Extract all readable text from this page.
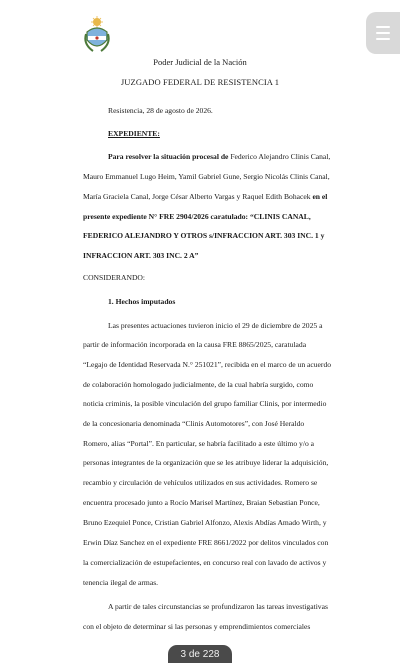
Poder Judicial de la Nación
JUZGADO FEDERAL DE RESISTENCIA 1
Resistencia, 28 de agosto de 2026.
EXPEDIENTE:
Para resolver la situación procesal de Federico Alejandro Clinis Canal,
Mauro Emmanuel Lugo Heim, Yamil Gabriel Gune, Sergio Nicolás Clinis Canal,
María Graciela Canal, Jorge César Alberto Vargas y Raquel Edith Bohacek en el
presente expediente N° FRE 2904/2026 caratulado: “CLINIS CANAL,
FEDERICO ALEJANDRO Y OTROS s/INFRACCION ART. 303 INC. 1 y
INFRACCION ART. 303 INC. 2 A”
CONSIDERANDO:
1. Hechos imputados
Las presentes actuaciones tuvieron inicio el 29 de diciembre de 2025 a
partir de información incorporada en la causa FRE 8865/2025, caratulada
“Legajo de Identidad Reservada N.° 251021”, recibida en el marco de un acuerdo
de colaboración homologado judicialmente, de la cual habría surgido, como
noticia criminis, la posible vinculación del grupo familiar Clinis, por intermedio
de la concesionaria denominada “Clinis Automotores”, con José Heraldo
Romero, alias “Portal”. En particular, se habría facilitado a este último y/o a
personas integrantes de la organización que se les atribuye liderar la adquisición,
recambio y circulación de vehículos utilizados en sus actividades. Romero se
encuentra procesado junto a Rocío Marisel Martínez, Braian Sebastian Ponce,
Bruno Ezequiel Ponce, Cristian Gabriel Alfonzo, Alexis Abdías Amado Wirth, y
Erwin Díaz Sanchez en el expediente FRE 8661/2022 por delitos vinculados con
la comercialización de estupefacientes, en concurso real con lavado de activos y
tenencia ilegal de armas.
A partir de tales circunstancias se profundizaron las tareas investigativas
con el objeto de determinar si las personas y emprendimientos comerciales
3 de 228
